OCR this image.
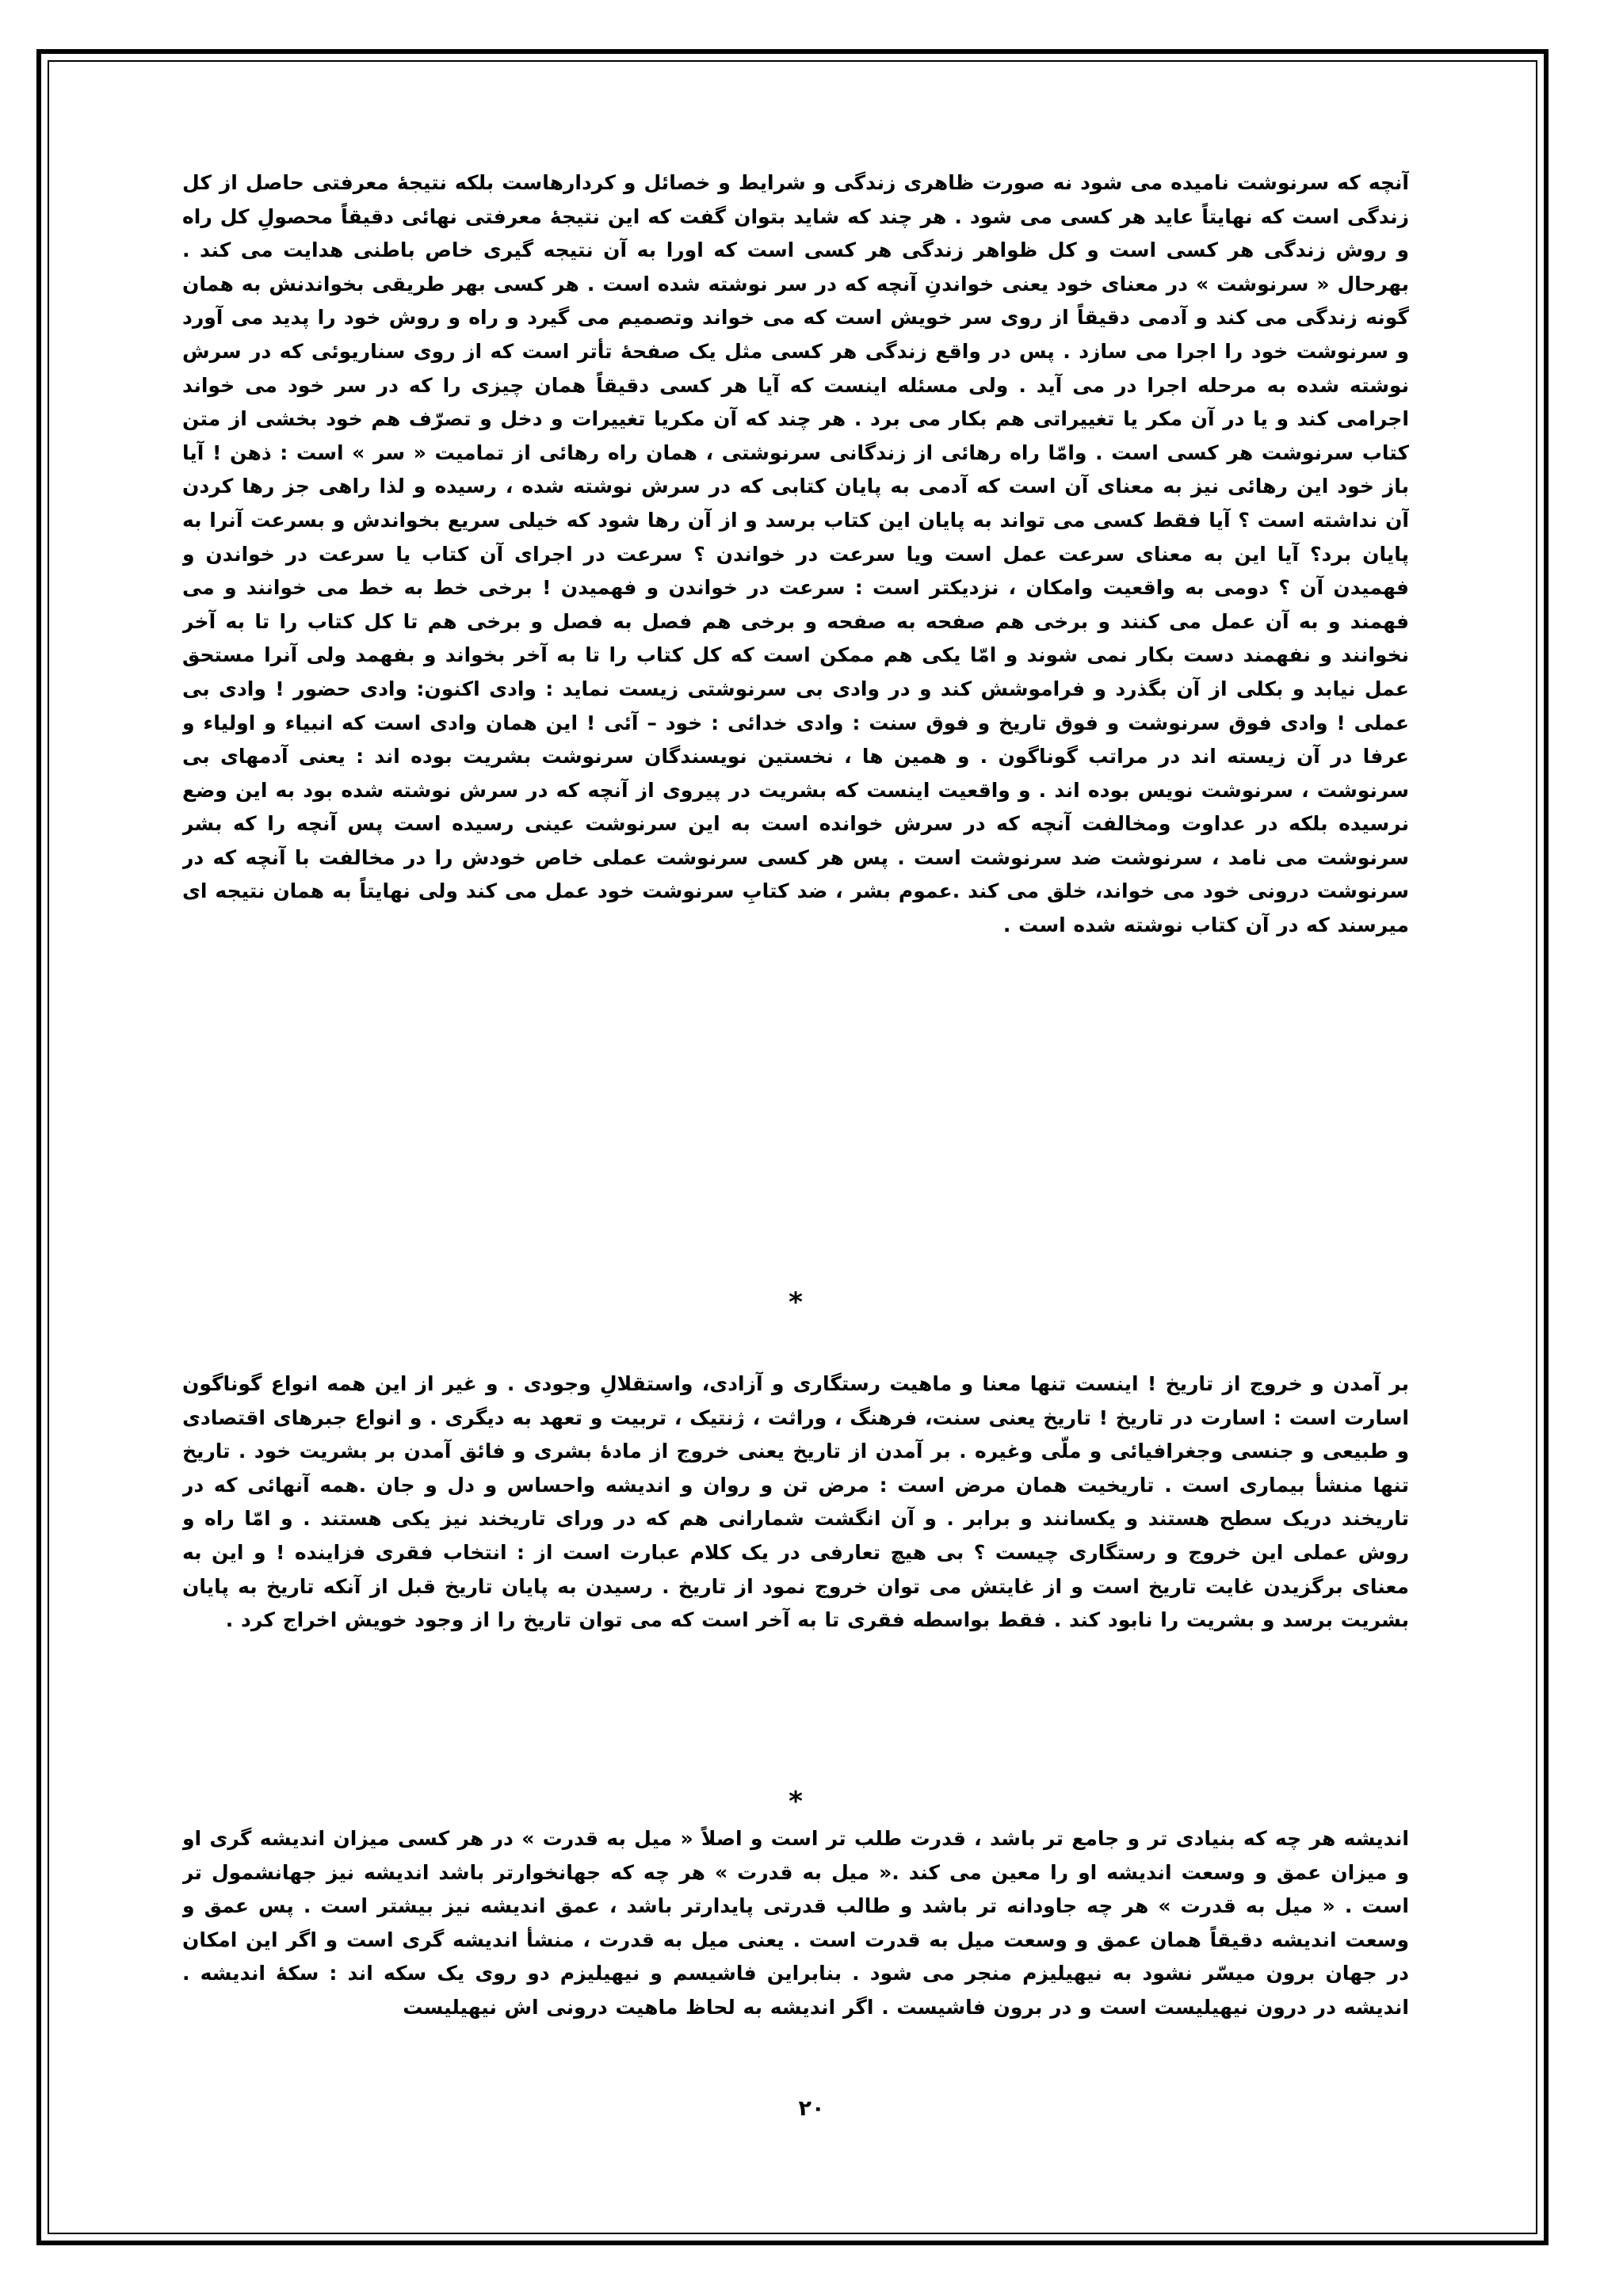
آنچه که سرنوشت نامیده می شود نه صورت ظاهری زندگی و شرایط و خصائل و کردارهاست بلکه نتیجهٔ معرفتی حاصل از کل زندگی است که نهایتاً عاید هر کسی می شود . هر چند که شاید بتوان گفت که این نتیجهٔ معرفتی نهائی دقیقاً محصولِ کل راه و روش زندگی هر کسی است و کل ظواهر زندگی هر کسی است که اورا به آن نتیجه گیری خاص باطنی هدایت می کند . بهرحال « سرنوشت » در معنای خود یعنی خواندنِ آنچه که در سر نوشته شده است . هر کسی بهر طریقی بخواندنش به همان گونه زندگی می کند و آدمی دقیقاً از روی سر خویش است که می خواند وتصمیم می گیرد و راه و روش خود را پدید می آورد و سرنوشت خود را اجرا می سازد . پس در واقع زندگی هر کسی مثل یک صفحهٔ تأتر است که از روی سناریوئی که در سرش نوشته شده به مرحله اجرا در می آید . ولی مسئله اینست که آیا هر کسی دقیقاً همان چیزی را که در سر خود می خواند اجرامی کند و یا در آن مکر یا تغییراتی هم بکار می برد . هر چند که آن مکریا تغییرات و دخل و تصرّف هم خود بخشی از متن کتاب سرنوشت هر کسی است . وامّا راه رهائی از زندگانی سرنوشتی ، همان راه رهائی از تمامیت « سر » است : ذهن ! آیا باز خود این رهائی نیز به معنای آن است که آدمی به پایان کتابی که در سرش نوشته شده ، رسیده و لذا راهی جز رها کردن آن نداشته است ؟ آیا فقط کسی می تواند به پایان این کتاب برسد و از آن رها شود که خیلی سریع بخواندش و بسرعت آنرا به پایان برد؟ آیا این به معنای سرعت عمل است ویا سرعت در خواندن ؟ سرعت در اجرای آن کتاب یا سرعت در خواندن و فهمیدن آن ؟ دومی به واقعیت وامکان ، نزدیکتر است : سرعت در خواندن و فهمیدن ! برخی خط به خط می خوانند و می فهمند و به آن عمل می کنند و برخی هم صفحه به صفحه و برخی هم فصل به فصل و برخی هم تا کل کتاب را تا به آخر نخوانند و نفهمند دست بکار نمی شوند و امّا یکی هم ممکن است که کل کتاب را تا به آخر بخواند و بفهمد ولی آنرا مستحق عمل نیابد و بکلی از آن بگذرد و فراموشش کند و در وادی بی سرنوشتی زیست نماید : وادی اکنون: وادی حضور ! وادی بی عملی ! وادی فوق سرنوشت و فوق تاریخ و فوق سنت : وادی خدائی : خود – آئی ! این همان وادی است که انبیاء و اولیاء و عرفا در آن زیسته اند در مراتب گوناگون . و همین ها ، نخستین نویسندگان سرنوشت بشریت بوده اند : یعنی آدمهای بی سرنوشت ، سرنوشت نویس بوده اند . و واقعیت اینست که بشریت در پیروی از آنچه که در سرش نوشته شده بود به این وضع نرسیده بلکه در عداوت ومخالفت آنچه که در سرش خوانده است به این سرنوشت عینی رسیده است پس آنچه را که بشر سرنوشت می نامد ، سرنوشت ضد سرنوشت است . پس هر کسی سرنوشت عملی خاص خودش را در مخالفت با آنچه که در سرنوشت درونی خود می خواند، خلق می کند .عموم بشر ، ضد کتابِ سرنوشت خود عمل می کند ولی نهایتاً به همان نتیجه ای میرسند که در آن کتاب نوشته شده است .

*

بر آمدن و خروج از تاریخ ! اینست تنها معنا و ماهیت رستگاری و آزادی، واستقلالِ وجودی . و غیر از این همه انواع گوناگون اسارت است : اسارت در تاریخ ! تاریخ یعنی سنت، فرهنگ ، وراثت ، ژنتیک ، تربیت و تعهد به دیگری . و انواع جبرهای اقتصادی و طبیعی و جنسی وجغرافیائی و ملّی وغیره . بر آمدن از تاریخ یعنی خروج از مادهٔ بشری و فائق آمدن بر بشریت خود . تاریخ تنها منشأ بیماری است . تاریخیت همان مرض است : مرض تن و روان و اندیشه واحساس و دل و جان .همه آنهائی که در تاریخند دریک سطح هستند و یکسانند و برابر . و آن انگشت شمارانی هم که در ورای تاریخند نیز یکی هستند . و امّا راه و روش عملی این خروج و رستگاری چیست ؟ بی هیچ تعارفی در یک کلام عبارت است از : انتخاب فقری فزاینده ! و این به معنای برگزیدن غایت تاریخ است و از غایتش می توان خروج نمود از تاریخ . رسیدن به پایان تاریخ قبل از آنکه تاریخ به پایان بشریت برسد و بشریت را نابود کند . فقط بواسطه فقری تا به آخر است که می توان تاریخ را از وجود خویش اخراج کرد .

*

اندیشه هر چه که بنیادی تر و جامع تر باشد ، قدرت طلب تر است و اصلاً « میل به قدرت » در هر کسی میزان اندیشه گری او و میزان عمق و وسعت اندیشه او را معین می کند .« میل به قدرت » هر چه که جهانخوارتر باشد اندیشه نیز جهانشمول تر است . « میل به قدرت » هر چه جاودانه تر باشد و طالب قدرتی پایدارتر باشد ، عمق اندیشه نیز بیشتر است . پس عمق و وسعت اندیشه دقیقاً همان عمق و وسعت میل به قدرت است . یعنی میل به قدرت ، منشأ اندیشه گری است و اگر این امکان در جهان برون میسّر نشود به نیهیلیزم منجر می شود . بنابراین فاشیسم و نیهیلیزم دو روی یک سکه اند : سکهٔ اندیشه . اندیشه در درون نیهیلیست است و در برون فاشیست . اگر اندیشه به لحاظ ماهیت درونی اش نیهیلیست

۲۰
